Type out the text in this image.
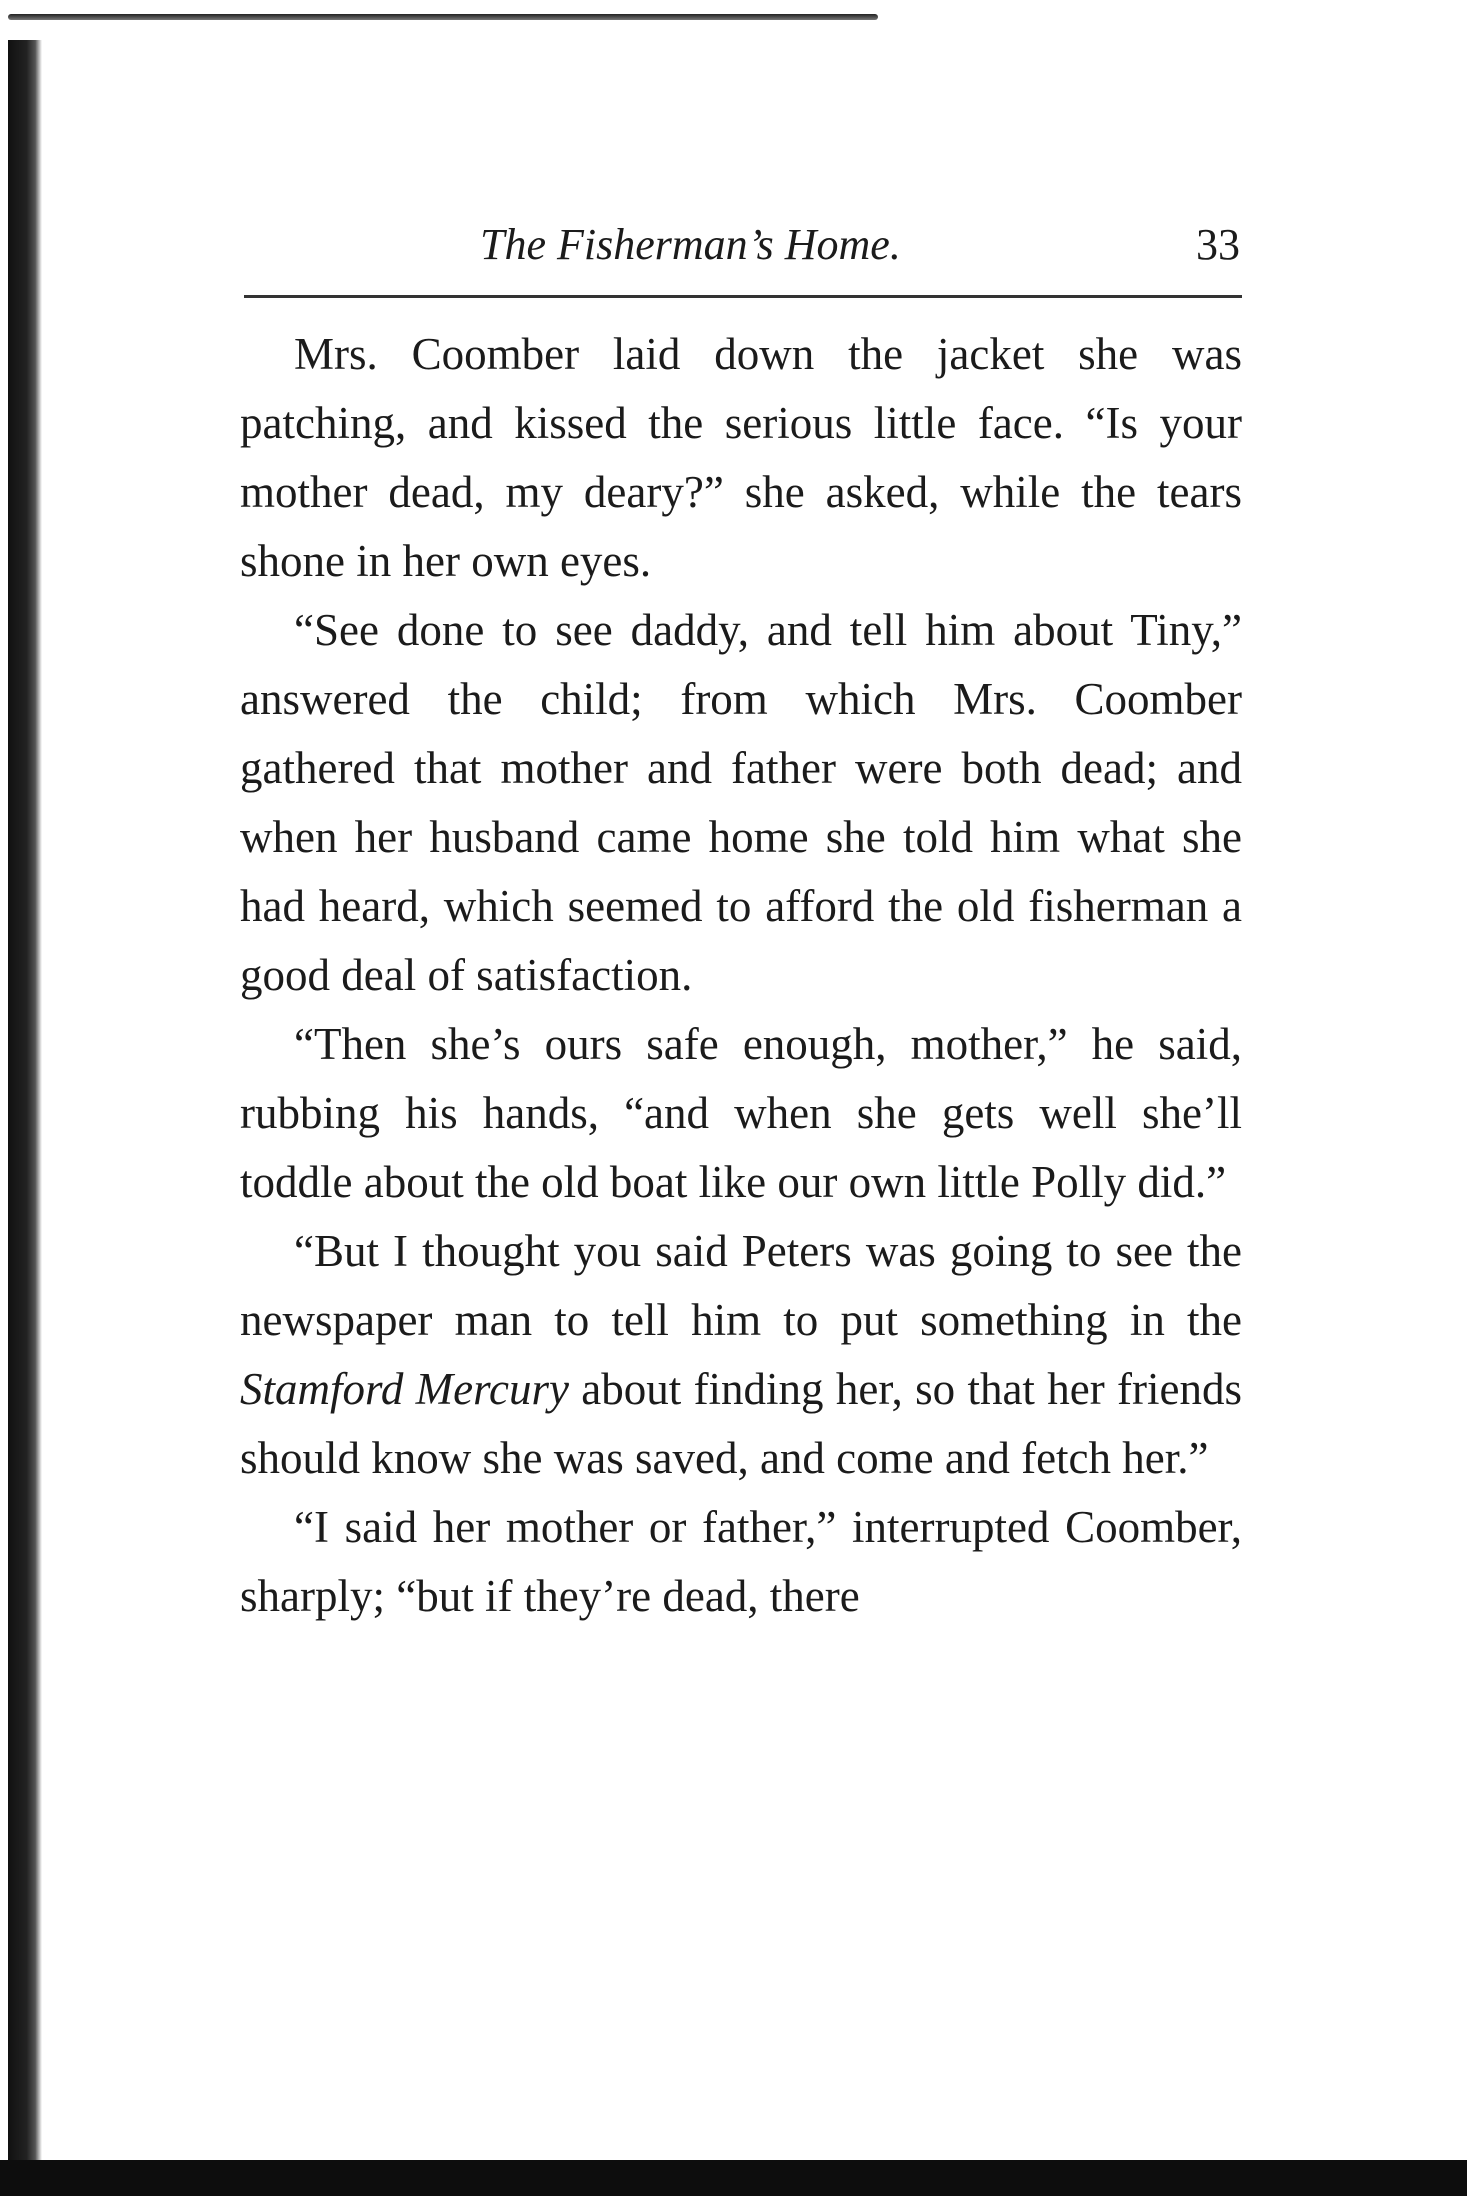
The Fisherman’s Home.	33

Mrs. Coomber laid down the jacket she was patching, and kissed the serious little face. “Is your mother dead, my deary?” she asked, while the tears shone in her own eyes.

“See done to see daddy, and tell him about Tiny,” answered the child; from which Mrs. Coomber gathered that mother and father were both dead; and when her husband came home she told him what she had heard, which seemed to afford the old fisherman a good deal of satisfaction.

“Then she’s ours safe enough, mother,” he said, rubbing his hands, “and when she gets well she’ll toddle about the old boat like our own little Polly did.”

“But I thought you said Peters was going to see the newspaper man to tell him to put something in the Stamford Mercury about finding her, so that her friends should know she was saved, and come and fetch her.”

“I said her mother or father,” interrupted Coomber, sharply; “but if they’re dead, there
